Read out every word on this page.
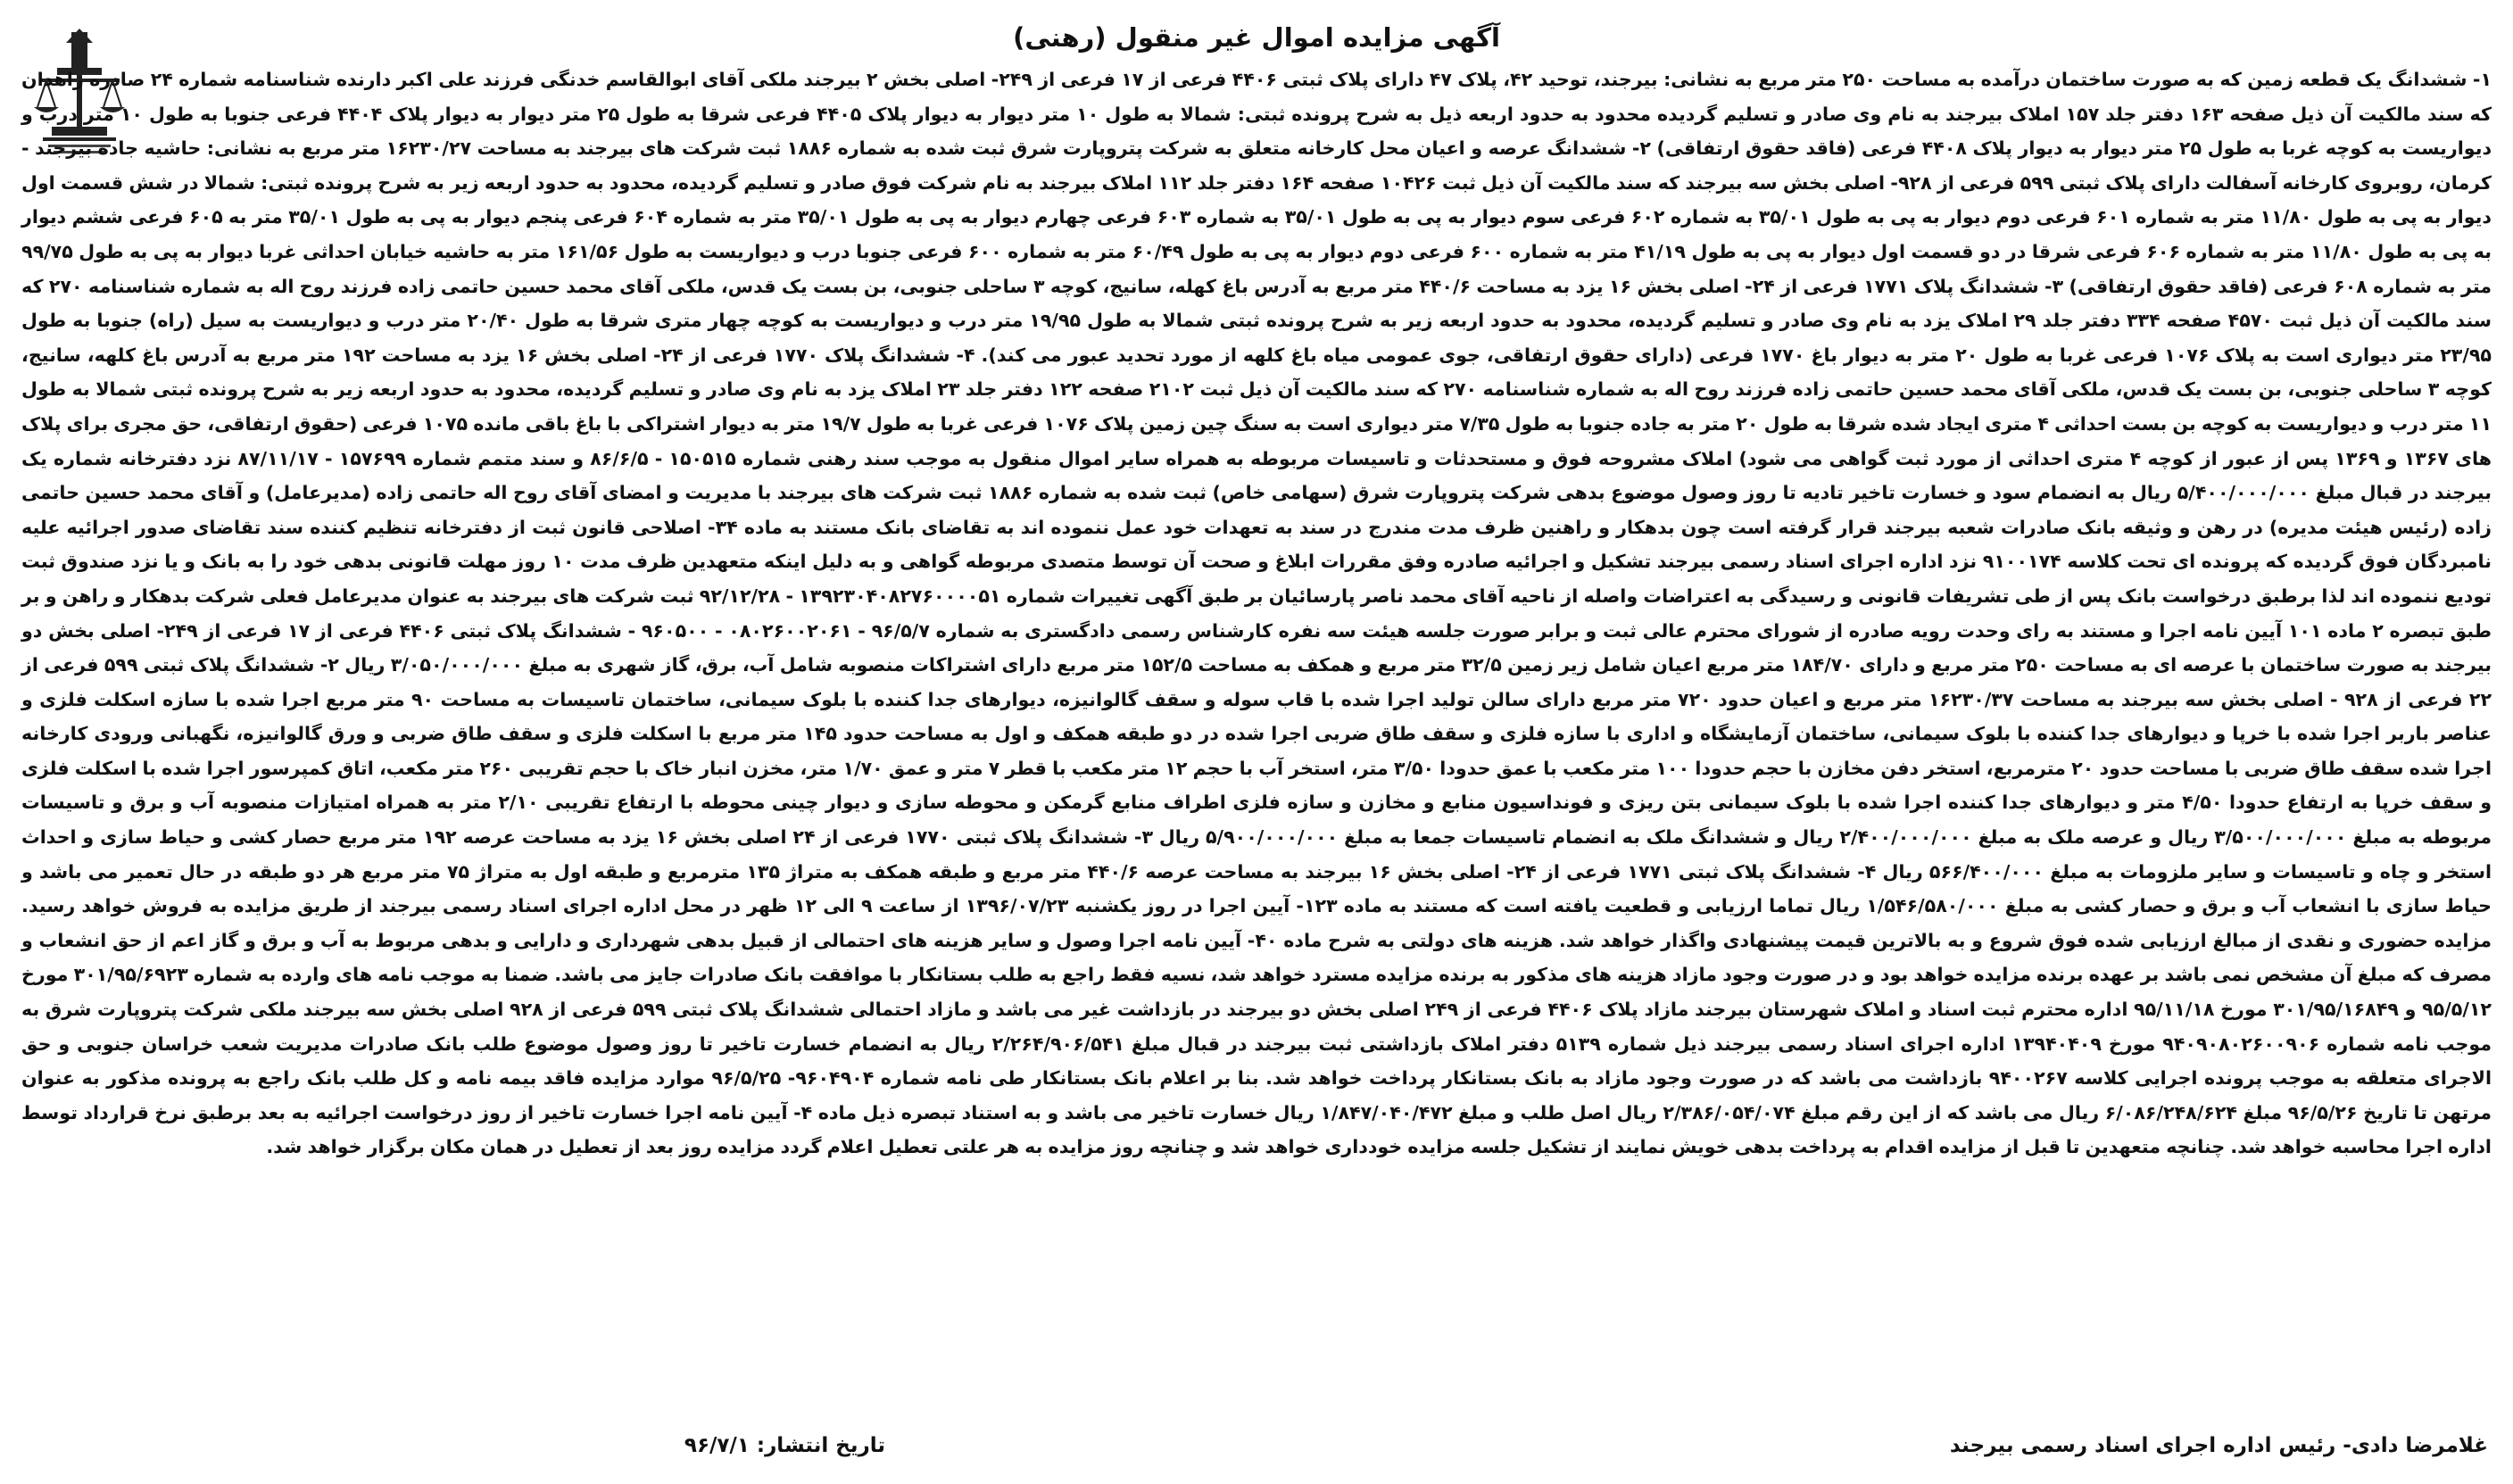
آگهی مزایده اموال غیر منقول (رهنی)
۱- ششدانگ یک قطعه زمین که به صورت ساختمان درآمده به مساحت ۲۵۰ متر مربع به نشانی: بیرجند، توحید ۴۲، پلاک ۴۷ دارای پلاک ثبتی ۴۴۰۶ فرعی از ۱۷ فرعی از ۲۴۹- اصلی بخش ۲ بیرجند ملکی آقای ابوالقاسم خدنگی فرزند علی اکبر دارنده شناسنامه شماره ۲۴ صادره زاهدان که سند مالکیت آن ذیل صفحه ۱۶۳ دفتر جلد ۱۵۷ املاک بیرجند به نام وی صادر و تسلیم گردیده محدود به حدود اربعه ذیل به شرح پرونده ثبتی: شمالا به طول ۱۰ متر دیوار به دیوار پلاک ۴۴۰۵ فرعی شرقا به طول ۲۵ متر دیوار به دیوار پلاک ۴۴۰۴ فرعی جنوبا به طول ۱۰ متر درب و دیواریست به کوچه غربا به طول ۲۵ متر دیوار به دیوار پلاک ۴۴۰۸ فرعی (فاقد حقوق ارتفاقی) ۲- ششدانگ عرصه و اعیان محل کارخانه متعلق به شرکت پتروپارت شرق ثبت شده به شماره ۱۸۸۶ ثبت شرکت های بیرجند به مساحت ۱۶۲۳۰/۲۷ متر مربع به نشانی: حاشیه جاده بیرجند - کرمان، روبروی کارخانه آسفالت دارای پلاک ثبتی ۵۹۹ فرعی از ۹۲۸- اصلی بخش سه بیرجند که سند مالکیت آن ذیل ثبت ۱۰۴۲۶ صفحه ۱۶۴ دفتر جلد ۱۱۲ املاک بیرجند به نام شرکت فوق صادر و تسلیم گردیده، محدود به حدود اربعه زیر به شرح پرونده ثبتی: شمالا در شش قسمت اول دیوار به پی به طول ۱۱/۸۰ متر به شماره ۶۰۱ فرعی دوم دیوار به پی به طول ۳۵/۰۱ به شماره ۶۰۲ فرعی سوم دیوار به پی به طول ۳۵/۰۱ به شماره ۶۰۳ فرعی چهارم دیوار به پی به طول ۳۵/۰۱ متر به شماره ۶۰۴ فرعی پنجم دیوار به پی به طول ۳۵/۰۱ متر به ۶۰۵ فرعی ششم دیوار به پی به طول ۱۱/۸۰ متر به شماره ۶۰۶ فرعی شرقا در دو قسمت اول دیوار به پی به طول ۴۱/۱۹ متر به شماره ۶۰۰ فرعی دوم دیوار به پی به طول ۶۰/۴۹ متر به شماره ۶۰۰ فرعی جنوبا درب و دیواریست به طول ۱۶۱/۵۶ متر به حاشیه خیابان احداثی غربا دیوار به پی به طول ۹۹/۷۵ متر به شماره ۶۰۸ فرعی (فاقد حقوق ارتفاقی) ۳- ششدانگ پلاک ۱۷۷۱ فرعی از ۲۴- اصلی بخش ۱۶ یزد به مساحت ۴۴۰/۶ متر مربع به آدرس باغ کهله، سانیج، کوچه ۳ ساحلی جنوبی، بن بست یک قدس، ملکی آقای محمد حسین حاتمی زاده فرزند روح اله به شماره شناسنامه ۲۷۰ که سند مالکیت آن ذیل ثبت ۴۵۷۰ صفحه ۳۳۴ دفتر جلد ۲۹ املاک یزد به نام وی صادر و تسلیم گردیده، محدود به حدود اربعه زیر به شرح پرونده ثبتی شمالا به طول ۱۹/۹۵ متر درب و دیواریست به کوچه چهار متری شرقا به طول ۲۰/۴۰ متر درب و دیواریست به سیل (راه) جنوبا به طول ۲۳/۹۵ متر دیواری است به پلاک ۱۰۷۶ فرعی غربا به طول ۲۰ متر به دیوار باغ ۱۷۷۰ فرعی (دارای حقوق ارتفاقی، جوی عمومی میاه باغ کلهه از مورد تحدید عبور می کند). ۴- ششدانگ پلاک ۱۷۷۰ فرعی از ۲۴- اصلی بخش ۱۶ یزد به مساحت ۱۹۲ متر مربع به آدرس باغ کلهه، سانیج، کوچه ۳ ساحلی جنوبی، بن بست یک قدس، ملکی آقای محمد حسین حاتمی زاده فرزند روح اله به شماره شناسنامه ۲۷۰ که سند مالکیت آن ذیل ثبت ۲۱۰۲ صفحه ۱۲۲ دفتر جلد ۲۳ املاک یزد به نام وی صادر و تسلیم گردیده، محدود به حدود اربعه زیر به شرح پرونده ثبتی شمالا به طول ۱۱ متر درب و دیواریست به کوچه بن بست احداثی ۴ متری ایجاد شده شرقا به طول ۲۰ متر به جاده جنوبا به طول ۷/۳۵ متر دیواری است به سنگ چین زمین پلاک ۱۰۷۶ فرعی غربا به طول ۱۹/۷ متر به دیوار اشتراکی با باغ باقی مانده ۱۰۷۵ فرعی (حقوق ارتفاقی، حق مجری برای پلاک های ۱۳۶۷ و ۱۳۶۹ پس از عبور از کوچه ۴ متری احداثی از مورد ثبت گواهی می شود) املاک مشروحه فوق و مستحدثات و تاسیسات مربوطه به همراه سایر اموال منقول به موجب سند رهنی شماره ۱۵۰۵۱۵ - ۸۶/۶/۵ و سند متمم شماره ۱۵۷۶۹۹ - ۸۷/۱۱/۱۷ نزد دفترخانه شماره یک بیرجند در قبال مبلغ ۵/۴۰۰/۰۰۰/۰۰۰ ریال به انضمام سود و خسارت تاخیر تادیه تا روز وصول موضوع بدهی شرکت پتروپارت شرق (سهامی خاص) ثبت شده به شماره ۱۸۸۶ ثبت شرکت های بیرجند با مدیریت و امضای آقای روح اله حاتمی زاده (مدیرعامل) و آقای محمد حسین حاتمی زاده (رئیس هیئت مدیره) در رهن و وثیقه بانک صادرات شعبه بیرجند قرار گرفته است چون بدهکار و راهنین ظرف مدت مندرج در سند به تعهدات خود عمل ننموده اند به تقاضای بانک مستند به ماده ۳۴- اصلاحی قانون ثبت از دفترخانه تنظیم کننده سند تقاضای صدور اجرائیه علیه نامبردگان فوق گردیده که پرونده ای تحت کلاسه ۹۱۰۰۱۷۴ نزد اداره اجرای اسناد رسمی بیرجند تشکیل و اجرائیه صادره وفق مقررات ابلاغ و صحت آن توسط متصدی مربوطه گواهی و به دلیل اینکه متعهدین ظرف مدت ۱۰ روز مهلت قانونی بدهی خود را به بانک و یا نزد صندوق ثبت تودیع ننموده اند لذا برطبق درخواست بانک پس از طی تشریفات قانونی و رسیدگی به اعتراضات واصله از ناحیه آقای محمد ناصر پارسائیان بر طبق آگهی تغییرات شماره ۱۳۹۲۳۰۴۰۸۲۷۶۰۰۰۰۵۱ - ۹۲/۱۲/۲۸ ثبت شرکت های بیرجند به عنوان مدیرعامل فعلی شرکت بدهکار و راهن و بر طبق تبصره ۲ ماده ۱۰۱ آیین نامه اجرا و مستند به رای وحدت رویه صادره از شورای محترم عالی ثبت و برابر صورت جلسه هیئت سه نفره کارشناس رسمی دادگستری به شماره ۹۶/۵/۷ - ۰۸۰۲۶۰۰۲۰۶۱ - ۹۶۰۵۰۰ - ششدانگ پلاک ثبتی ۴۴۰۶ فرعی از ۱۷ فرعی از ۲۴۹- اصلی بخش دو بیرجند به صورت ساختمان با عرصه ای به مساحت ۲۵۰ متر مربع و دارای ۱۸۴/۷۰ متر مربع اعیان شامل زیر زمین ۳۲/۵ متر مربع و همکف به مساحت ۱۵۲/۵ متر مربع دارای اشتراکات منصوبه شامل آب، برق، گاز شهری به مبلغ ۳/۰۵۰/۰۰۰/۰۰۰ ریال ۲- ششدانگ پلاک ثبتی ۵۹۹ فرعی از ۲۲ فرعی از ۹۲۸ - اصلی بخش سه بیرجند به مساحت ۱۶۲۳۰/۳۷ متر مربع و اعیان حدود ۷۲۰ متر مربع دارای سالن تولید اجرا شده با قاب سوله و سقف گالوانیزه، دیوارهای جدا کننده با بلوک سیمانی، ساختمان تاسیسات به مساحت ۹۰ متر مربع اجرا شده با سازه اسکلت فلزی و عناصر باربر اجرا شده با خرپا و دیوارهای جدا کننده با بلوک سیمانی، ساختمان آزمایشگاه و اداری با سازه فلزی و سقف طاق ضربی اجرا شده در دو طبقه همکف و اول به مساحت حدود ۱۴۵ متر مربع با اسکلت فلزی و سقف طاق ضربی و ورق گالوانیزه، نگهبانی ورودی کارخانه اجرا شده سقف طاق ضربی با مساحت حدود ۲۰ مترمربع، استخر دفن مخازن با حجم حدودا ۱۰۰ متر مکعب با عمق حدودا ۳/۵۰ متر، استخر آب با حجم ۱۲ متر مکعب با قطر ۷ متر و عمق ۱/۷۰ متر، مخزن انبار خاک با حجم تقریبی ۲۶۰ متر مکعب، اتاق کمپرسور اجرا شده با اسکلت فلزی و سقف خرپا به ارتفاع حدودا ۴/۵۰ متر و دیوارهای جدا کننده اجرا شده با بلوک سیمانی بتن ریزی و فونداسیون منابع و مخازن و سازه فلزی اطراف منابع گرمکن و محوطه سازی و دیوار چینی محوطه با ارتفاع تقریبی ۲/۱۰ متر به همراه امتیازات منصوبه آب و برق و تاسیسات مربوطه به مبلغ ۳/۵۰۰/۰۰۰/۰۰۰ ریال و عرصه ملک به مبلغ ۲/۴۰۰/۰۰۰/۰۰۰ ریال و ششدانگ ملک به انضمام تاسیسات جمعا به مبلغ ۵/۹۰۰/۰۰۰/۰۰۰ ریال ۳- ششدانگ پلاک ثبتی ۱۷۷۰ فرعی از ۲۴ اصلی بخش ۱۶ یزد به مساحت عرصه ۱۹۲ متر مربع حصار کشی و حیاط سازی و احداث استخر و چاه و تاسیسات و سایر ملزومات به مبلغ ۵۶۶/۴۰۰/۰۰۰ ریال ۴- ششدانگ پلاک ثبتی ۱۷۷۱ فرعی از ۲۴- اصلی بخش ۱۶ بیرجند به مساحت عرصه ۴۴۰/۶ متر مربع و طبقه همکف به متراژ ۱۳۵ مترمربع و طبقه اول به متراژ ۷۵ متر مربع هر دو طبقه در حال تعمیر می باشد و حیاط سازی با انشعاب آب و برق و حصار کشی به مبلغ ۱/۵۴۶/۵۸۰/۰۰۰ ریال تماما ارزیابی و قطعیت یافته است که مستند به ماده ۱۲۳- آیین اجرا در روز یکشنبه ۱۳۹۶/۰۷/۲۳ از ساعت ۹ الی ۱۲ ظهر در محل اداره اجرای اسناد رسمی بیرجند از طریق مزایده به فروش خواهد رسید. مزایده حضوری و نقدی از مبالغ ارزیابی شده فوق شروع و به بالاترین قیمت پیشنهادی واگذار خواهد شد. هزینه های دولتی به شرح ماده ۴۰- آیین نامه اجرا وصول و سایر هزینه های احتمالی از قبیل بدهی شهرداری و دارایی و بدهی مربوط به آب و برق و گاز اعم از حق انشعاب و مصرف که مبلغ آن مشخص نمی باشد بر عهده برنده مزایده خواهد بود و در صورت وجود مازاد هزینه های مذکور به برنده مزایده مسترد خواهد شد، نسیه فقط راجع به طلب بستانکار با موافقت بانک صادرات جایز می باشد. ضمنا به موجب نامه های وارده به شماره ۳۰۱/۹۵/۶۹۲۳ مورخ ۹۵/۵/۱۲ و ۳۰۱/۹۵/۱۶۸۴۹ مورخ ۹۵/۱۱/۱۸ اداره محترم ثبت اسناد و املاک شهرستان بیرجند مازاد پلاک ۴۴۰۶ فرعی از ۲۴۹ اصلی بخش دو بیرجند در بازداشت غیر می باشد و مازاد احتمالی ششدانگ پلاک ثبتی ۵۹۹ فرعی از ۹۲۸ اصلی بخش سه بیرجند ملکی شرکت پتروپارت شرق به موجب نامه شماره ۹۴۰۹۰۸۰۲۶۰۰۹۰۶ مورخ ۱۳۹۴۰۴۰۹ اداره اجرای اسناد رسمی بیرجند ذیل شماره ۵۱۳۹ دفتر املاک بازداشتی ثبت بیرجند در قبال مبلغ ۲/۲۶۴/۹۰۶/۵۴۱ ریال به انضمام خسارت تاخیر تا روز وصول موضوع طلب بانک صادرات مدیریت شعب خراسان جنوبی و حق الاجرای متعلقه به موجب پرونده اجرایی کلاسه ۹۴۰۰۲۶۷ بازداشت می باشد که در صورت وجود مازاد به بانک بستانکار پرداخت خواهد شد. بنا بر اعلام بانک بستانکار طی نامه شماره ۹۶۰۴۹۰۴- ۹۶/۵/۲۵ موارد مزایده فاقد بیمه نامه و کل طلب بانک راجع به پرونده مذکور به عنوان مرتهن تا تاریخ ۹۶/۵/۲۶ مبلغ ۶/۰۸۶/۲۴۸/۶۲۴ ریال می باشد که از این رقم مبلغ ۲/۳۸۶/۰۵۴/۰۷۴ ریال اصل طلب و مبلغ ۱/۸۴۷/۰۴۰/۴۷۲ ریال خسارت تاخیر می باشد و به استناد تبصره ذیل ماده ۴- آیین نامه اجرا خسارت تاخیر از روز درخواست اجرائیه به بعد برطبق نرخ قرارداد توسط اداره اجرا محاسبه خواهد شد. چنانچه متعهدین تا قبل از مزایده اقدام به پرداخت بدهی خویش نمایند از تشکیل جلسه مزایده خودداری خواهد شد و چنانچه روز مزایده به هر علتی تعطیل اعلام گردد مزایده روز بعد از تعطیل در همان مکان برگزار خواهد شد.
غلامرضا دادی- رئیس اداره اجرای اسناد رسمی بیرجند
تاریخ انتشار: ۹۶/۷/۱
